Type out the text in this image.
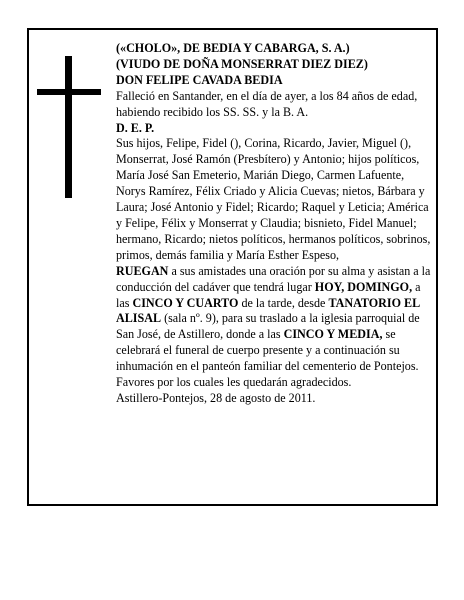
(«CHOLO», DE BEDIA Y CABARGA, S. A.)

(VIUDO DE DOÑA MONSERRAT DIEZ DIEZ)

DON FELIPE CAVADA BEDIA

Falleció en Santander, en el día de ayer, a los 84 años de edad, habiendo recibido los SS. SS. y la B. A.

D. E. P.

Sus hijos, Felipe, Fidel (), Corina, Ricardo, Javier, Miguel (), Monserrat, José Ramón (Presbítero) y Antonio; hijos políticos, María José San Emeterio, Marián Diego, Carmen Lafuente, Norys Ramírez, Félix Criado y Alicia Cuevas; nietos, Bárbara y Laura; José Antonio y Fidel; Ricardo; Raquel y Leticia; América y Felipe, Félix y Monserrat y Claudia; bisnieto, Fidel Manuel; hermano, Ricardo; nietos políticos, hermanos políticos, sobrinos, primos, demás familia y María Esther Espeso,

RUEGAN a sus amistades una oración por su alma y asistan a la conducción del cadáver que tendrá lugar HOY, DOMINGO, a las CINCO Y CUARTO de la tarde, desde TANATORIO EL ALISAL (sala nº. 9), para su traslado a la iglesia parroquial de San José, de Astillero, donde a las CINCO Y MEDIA, se celebrará el funeral de cuerpo presente y a continuación su inhumación en el panteón familiar del cementerio de Pontejos. Favores por los cuales les quedarán agradecidos.

Astillero-Pontejos, 28 de agosto de 2011.
